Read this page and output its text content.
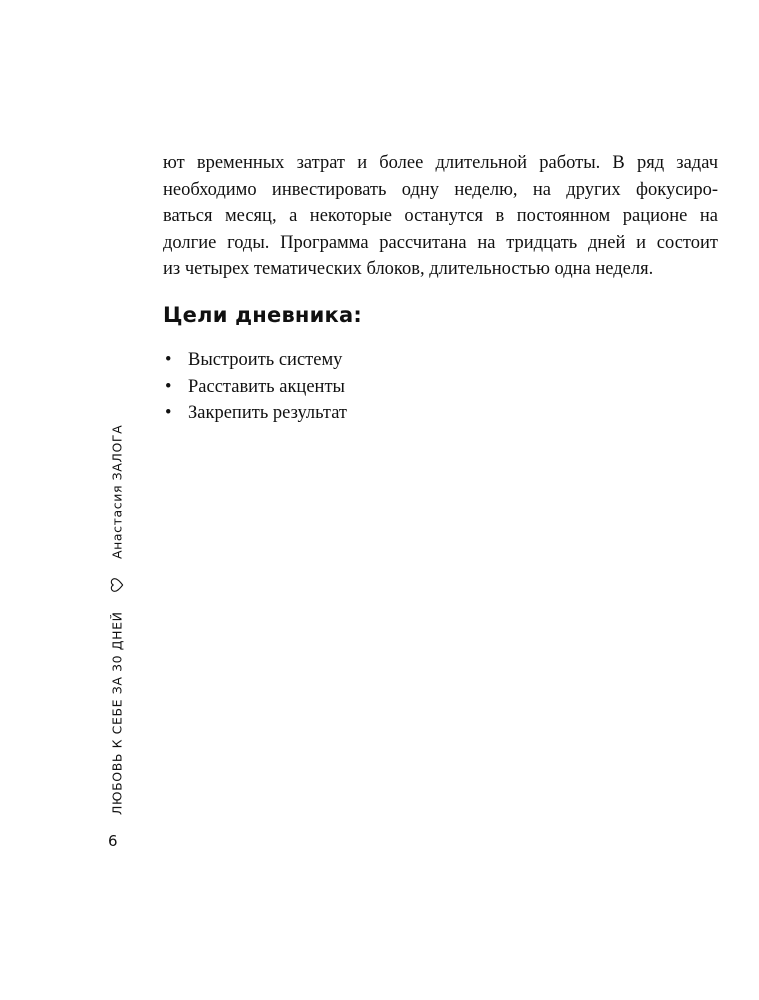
ют временных затрат и более длительной работы. В ряд задач
необходимо инвестировать одну неделю, на других фокусиро-
ваться месяц, а некоторые останутся в постоянном рационе на
долгие годы. Программа рассчитана на тридцать дней и состоит
из четырех тематических блоков, длительностью одна неделя.
Цели дневника:
• Выстроить систему
• Расставить акценты
• Закрепить результат
ЛЮБОВЬ К СЕБЕ ЗА 30 ДНЕЙ
Анастасия ЗАЛОГА
6
